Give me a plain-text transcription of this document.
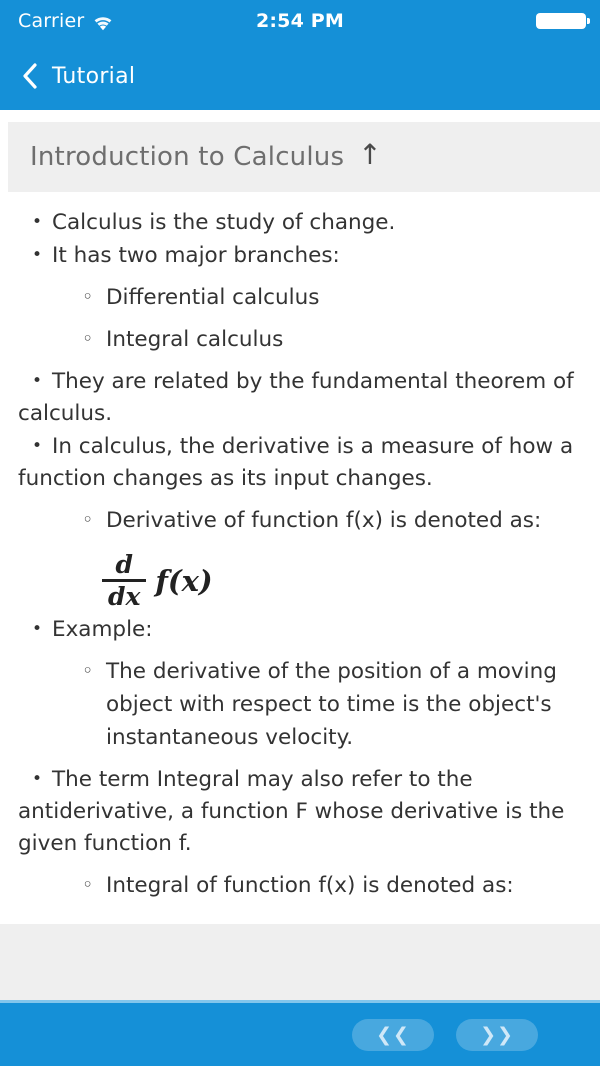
Carrier	2:54 PM
Tutorial
Introduction to Calculus ↑
• Calculus is the study of change.
• It has two major branches:
◦ Differential calculus
◦ Integral calculus
• They are related by the fundamental theorem of calculus.
• In calculus, the derivative is a measure of how a function changes as its input changes.
◦ Derivative of function f(x) is denoted as:
$\frac{d}{dx} f(x)$
• Example:
◦ The derivative of the position of a moving object with respect to time is the object's instantaneous velocity.
• The term Integral may also refer to the antiderivative, a function F whose derivative is the given function f.
◦ Integral of function f(x) is denoted as:
❮❮	❯❯
